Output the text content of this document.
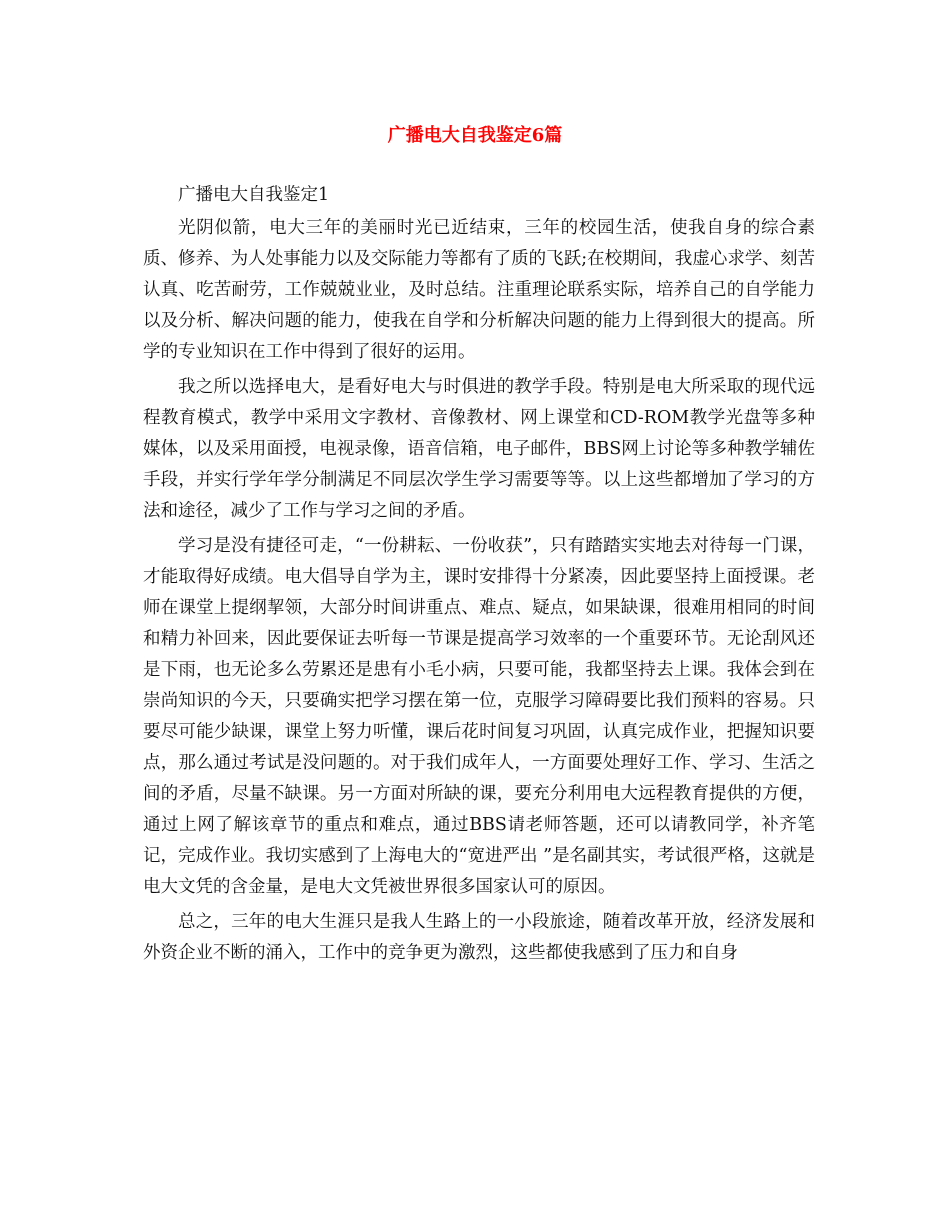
广播电大自我鉴定6篇

广播电大自我鉴定1

光阴似箭，电大三年的美丽时光已近结束，三年的校园生活，使我自身的综合素质、修养、为人处事能力以及交际能力等都有了质的飞跃;在校期间，我虚心求学、刻苦认真、吃苦耐劳，工作兢兢业业，及时总结。注重理论联系实际，培养自己的自学能力以及分析、解决问题的能力，使我在自学和分析解决问题的能力上得到很大的提高。所学的专业知识在工作中得到了很好的运用。

我之所以选择电大，是看好电大与时俱进的教学手段。特别是电大所采取的现代远程教育模式，教学中采用文字教材、音像教材、网上课堂和CD-ROM教学光盘等多种媒体，以及采用面授，电视录像，语音信箱，电子邮件，BBS网上讨论等多种教学辅佐手段，并实行学年学分制满足不同层次学生学习需要等等。以上这些都增加了学习的方法和途径，减少了工作与学习之间的矛盾。

学习是没有捷径可走，“一份耕耘、一份收获”，只有踏踏实实地去对待每一门课，才能取得好成绩。电大倡导自学为主，课时安排得十分紧凑，因此要坚持上面授课。老师在课堂上提纲挈领，大部分时间讲重点、难点、疑点，如果缺课，很难用相同的时间和精力补回来，因此要保证去听每一节课是提高学习效率的一个重要环节。无论刮风还是下雨，也无论多么劳累还是患有小毛小病，只要可能，我都坚持去上课。我体会到在崇尚知识的今天，只要确实把学习摆在第一位，克服学习障碍要比我们预料的容易。只要尽可能少缺课，课堂上努力听懂，课后花时间复习巩固，认真完成作业，把握知识要点，那么通过考试是没问题的。对于我们成年人，一方面要处理好工作、学习、生活之间的矛盾，尽量不缺课。另一方面对所缺的课，要充分利用电大远程教育提供的方便，通过上网了解该章节的重点和难点，通过BBS请老师答题，还可以请教同学，补齐笔记，完成作业。我切实感到了上海电大的“宽进严出 ”是名副其实，考试很严格，这就是电大文凭的含金量，是电大文凭被世界很多国家认可的原因。

总之，三年的电大生涯只是我人生路上的一小段旅途，随着改革开放，经济发展和外资企业不断的涌入，工作中的竞争更为激烈，这些都使我感到了压力和自身
